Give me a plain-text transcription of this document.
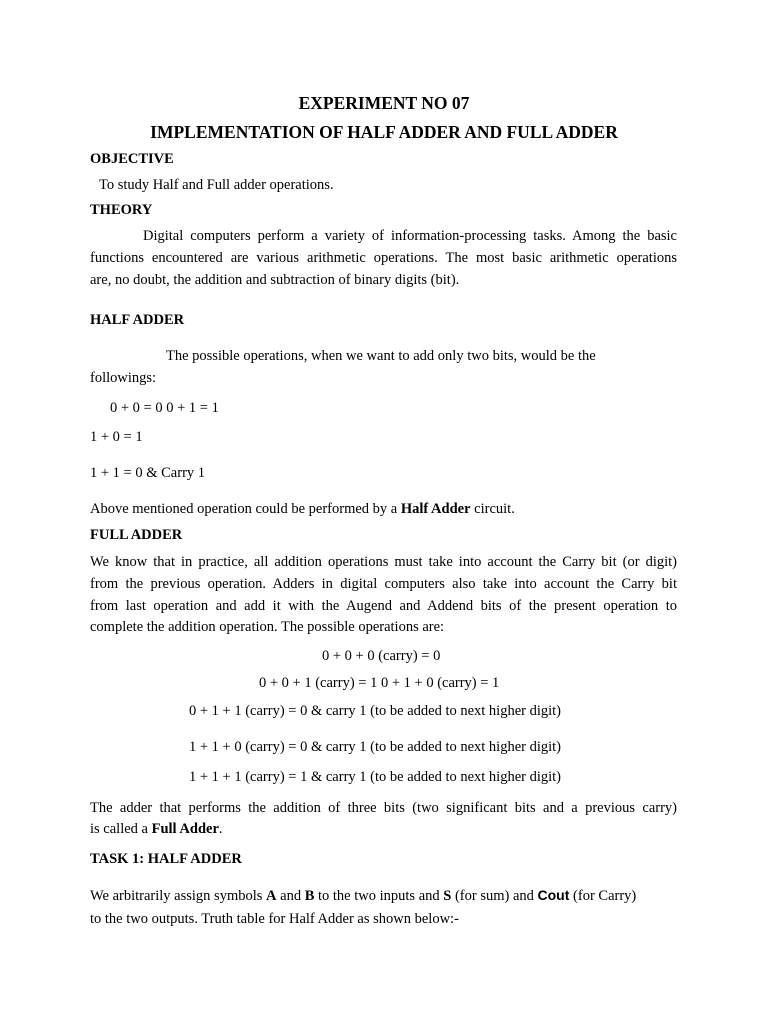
EXPERIMENT NO 07
IMPLEMENTATION OF HALF ADDER AND FULL ADDER
OBJECTIVE
To study Half and Full adder operations.
THEORY
Digital computers perform a variety of information-processing tasks. Among the basic
functions encountered are various arithmetic operations. The most basic arithmetic operations
are, no doubt, the addition and subtraction of binary digits (bit).
HALF ADDER
The possible operations, when we want to add only two bits, would be the
followings:
0 + 0 = 0 0 + 1 = 1
1 + 0 = 1
1 + 1 = 0 & Carry 1
Above mentioned operation could be performed by a Half Adder circuit.
FULL ADDER
We know that in practice, all addition operations must take into account the Carry bit (or digit)
from the previous operation. Adders in digital computers also take into account the Carry bit
from last operation and add it with the Augend and Addend bits of the present operation to
complete the addition operation. The possible operations are:
0 + 0 + 0 (carry) = 0
0 + 0 + 1 (carry) = 1 0 + 1 + 0 (carry) = 1
0 + 1 + 1 (carry) = 0 & carry 1 (to be added to next higher digit)
1 + 1 + 0 (carry) = 0 & carry 1 (to be added to next higher digit)
1 + 1 + 1 (carry) = 1 & carry 1 (to be added to next higher digit)
The adder that performs the addition of three bits (two significant bits and a previous carry)
is called a Full Adder.
TASK 1: HALF ADDER
We arbitrarily assign symbols A and B to the two inputs and S (for sum) and Cout (for Carry)
to the two outputs. Truth table for Half Adder as shown below:-
